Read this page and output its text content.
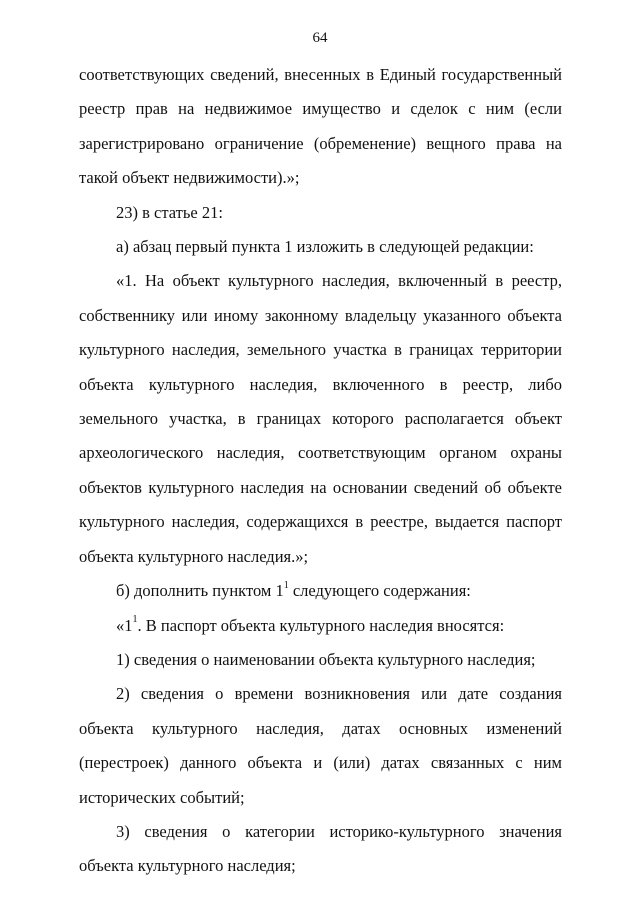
64

соответствующих сведений, внесенных в Единый государственный реестр прав на недвижимое имущество и сделок с ним (если зарегистрировано ограничение (обременение) вещного права на такой объект недвижимости).»;

23) в статье 21:

а) абзац первый пункта 1 изложить в следующей редакции:

«1. На объект культурного наследия, включенный в реестр, собственнику или иному законному владельцу указанного объекта культурного наследия, земельного участка в границах территории объекта культурного наследия, включенного в реестр, либо земельного участка, в границах которого располагается объект археологического наследия, соответствующим органом охраны объектов культурного наследия на основании сведений об объекте культурного наследия, содержащихся в реестре, выдается паспорт объекта культурного наследия.»;

б) дополнить пунктом $1^1$ следующего содержания:

«$1^1$. В паспорт объекта культурного наследия вносятся:

1) сведения о наименовании объекта культурного наследия;

2) сведения о времени возникновения или дате создания объекта культурного наследия, датах основных изменений (перестроек) данного объекта и (или) датах связанных с ним исторических событий;

3) сведения о категории историко-культурного значения объекта культурного наследия;
